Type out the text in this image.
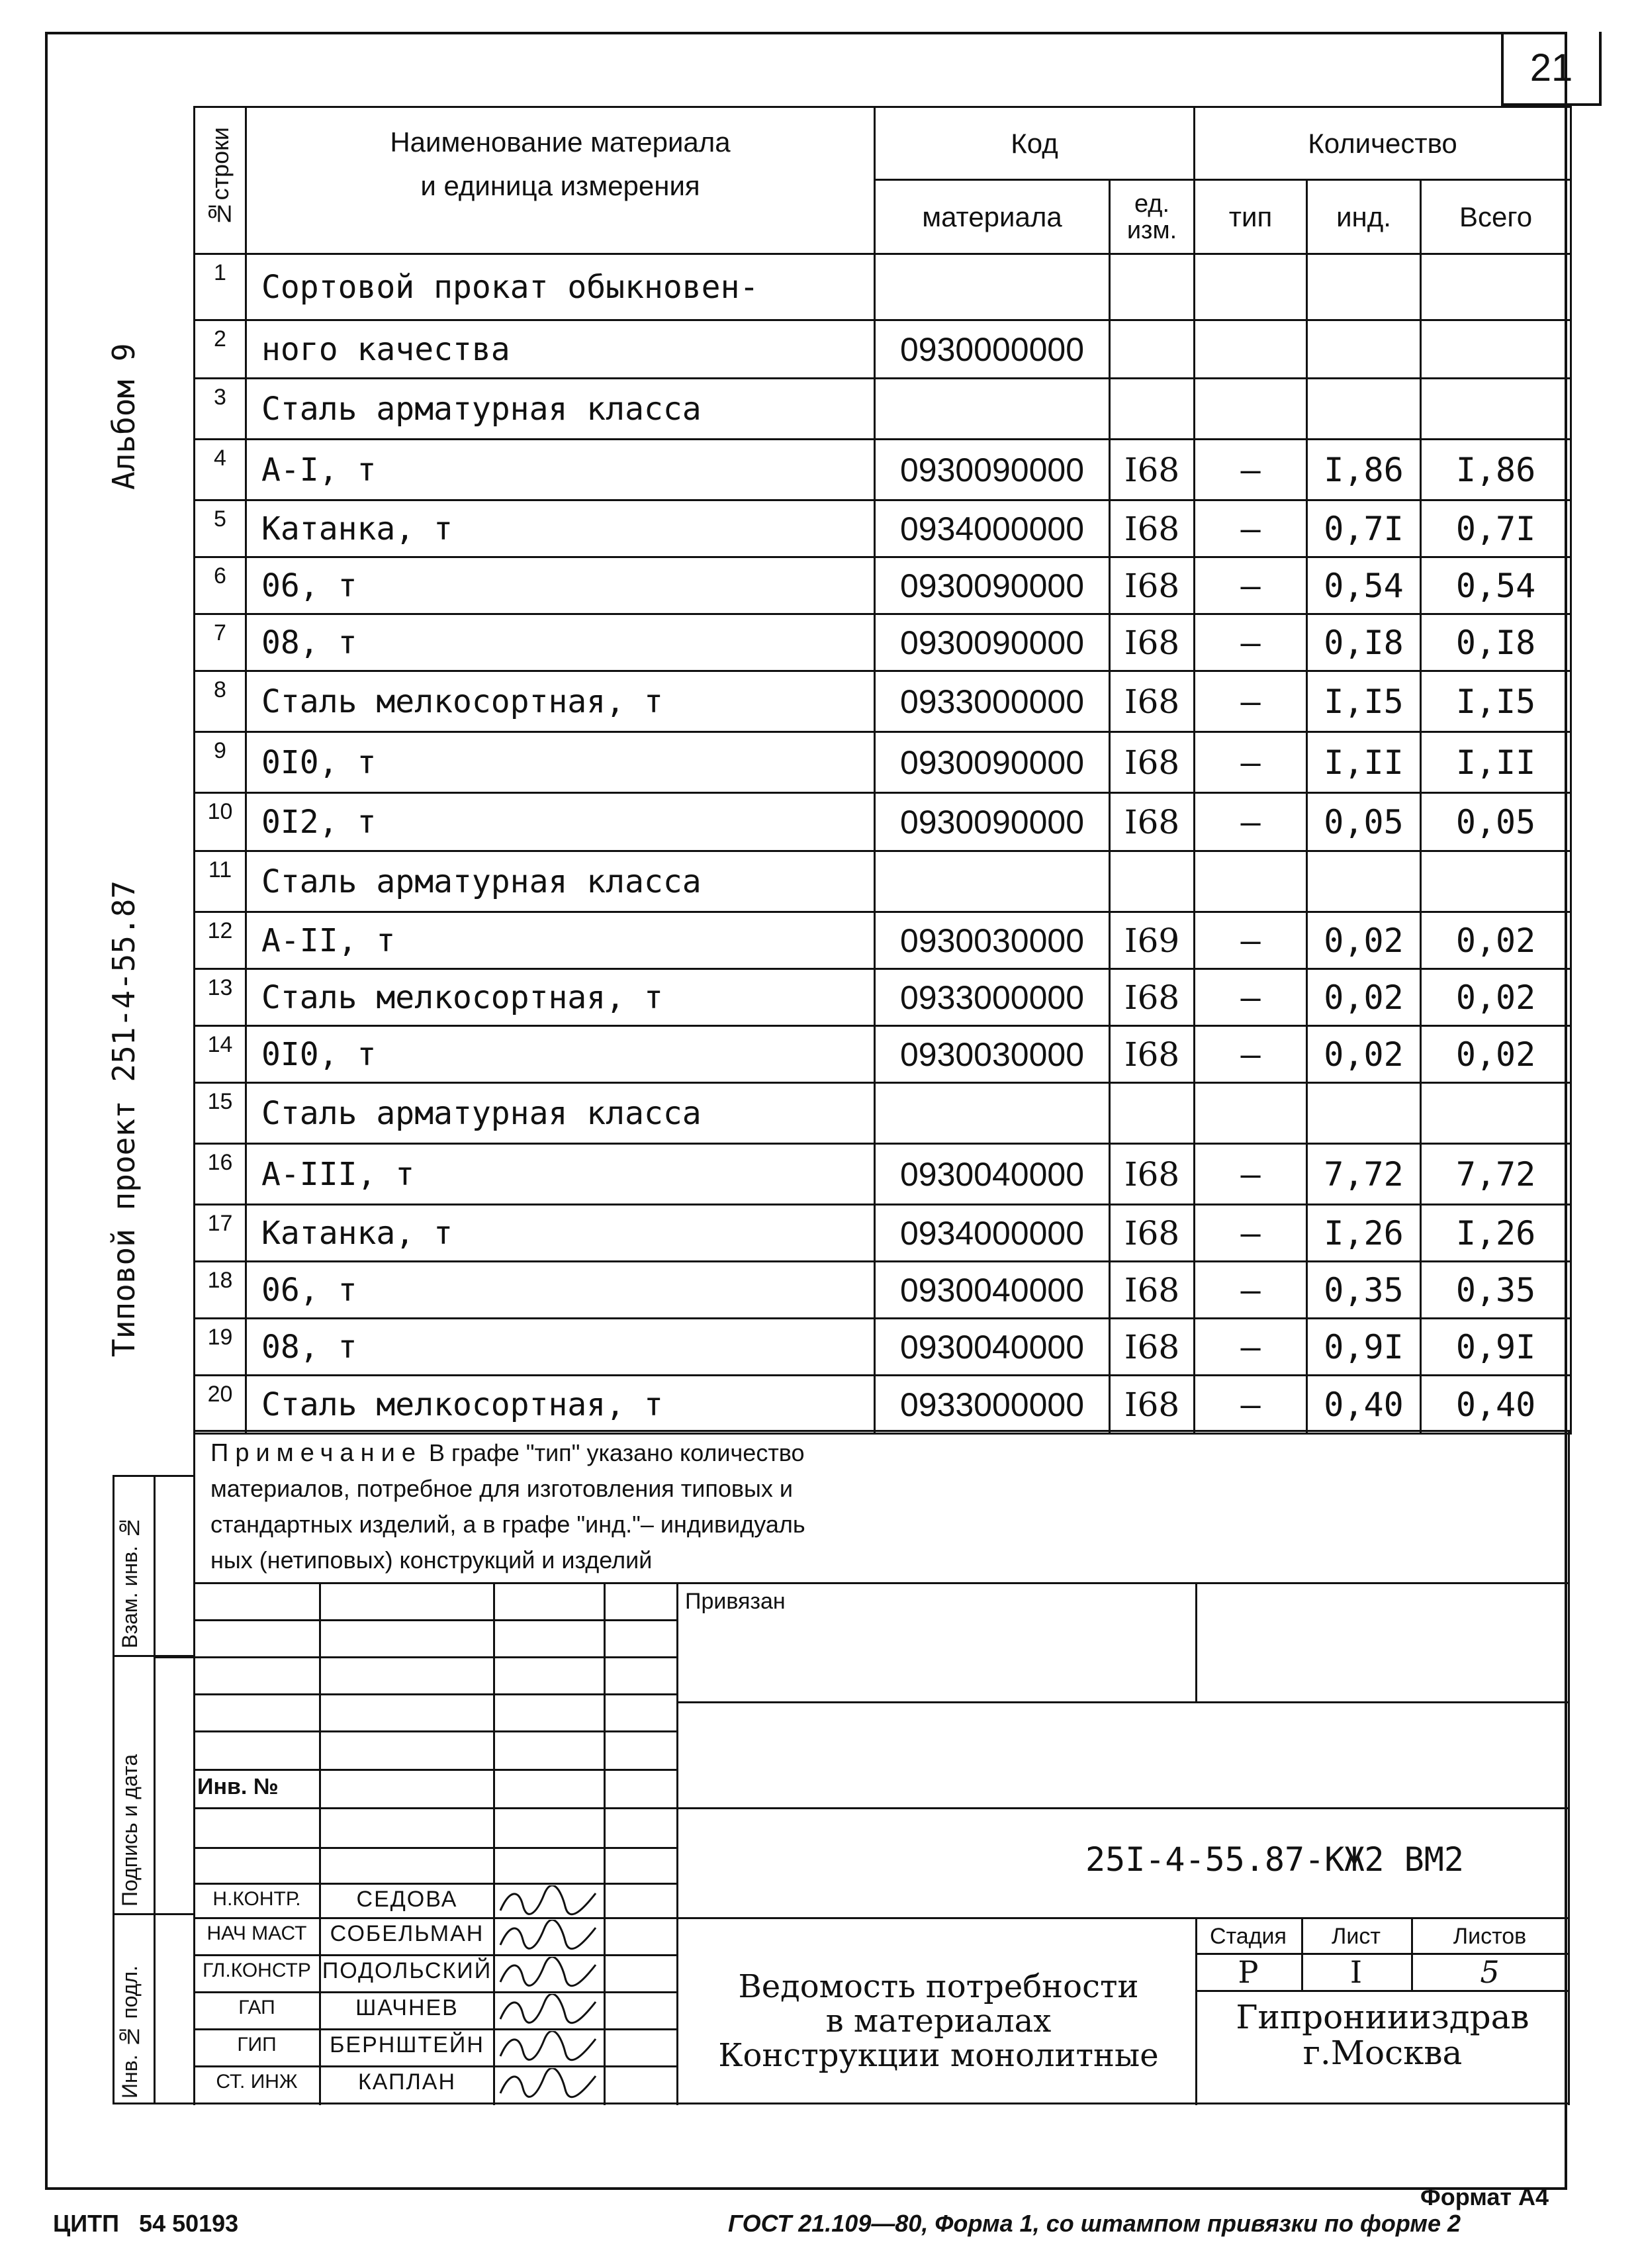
21
Альбом 9
Типовой проект 251-4-55.87
№строки	Наименование материала
и единица измерения	Код		Количество		
		материала	ед. изм.	тип	инд.	Всего
1	Сортовой прокат обыкновен-					
2	ного качества	0930000000				
3	Сталь арматурная класса					
4	А-I, т	0930090000	I68	–	I,86	I,86
5	Катанка, т	0934000000	I68	–	0,7I	0,7I
6	06, т	0930090000	I68	–	0,54	0,54
7	08, т	0930090000	I68	–	0,I8	0,I8
8	Сталь мелкосортная, т	0933000000	I68	–	I,I5	I,I5
9	0I0, т	0930090000	I68	–	I,II	I,II
10	0I2, т	0930090000	I68	–	0,05	0,05
11	Сталь арматурная класса					
12	А-II, т	0930030000	I69	–	0,02	0,02
13	Сталь мелкосортная, т	0933000000	I68	–	0,02	0,02
14	0I0, т	0930030000	I68	–	0,02	0,02
15	Сталь арматурная класса					
16	А-III, т	0930040000	I68	–	7,72	7,72
17	Катанка, т	0934000000	I68	–	I,26	I,26
18	06, т	0930040000	I68	–	0,35	0,35
19	08, т	0930040000	I68	–	0,9I	0,9I
20	Сталь мелкосортная, т	0933000000	I68	–	0,40	0,40
Примечание В графе "тип" указано количество
материалов, потребное для изготовления типовых и
стандартных изделий, а в графе "инд."– индивидуаль
ных (нетиповых) конструкций и изделий
Взам. инв. №
Подпись и дата
Инв. № подл.
Привязан
Инв. №
25I-4-55.87-КЖ2 ВМ2
Н.КОНТР.	СЕДОВА
НАЧ МАСТ	СОБЕЛЬМАН
ГЛ.КОНСТР ПОДОЛЬСКИЙ
ГАП	ШАЧНЕВ
ГИП	БЕРНШТЕЙН
СТ. ИНЖ	КАПЛАН
Ведомость потребности
в материалах
Конструкции монолитные
Стадия	Лист	Листов
Р	I	5
Гипрониииздрав
г.Москва
Формат А4
ЦИТП   54 50193	ГОСТ 21.109—80, Форма 1, со штампом привязки по форме 2
